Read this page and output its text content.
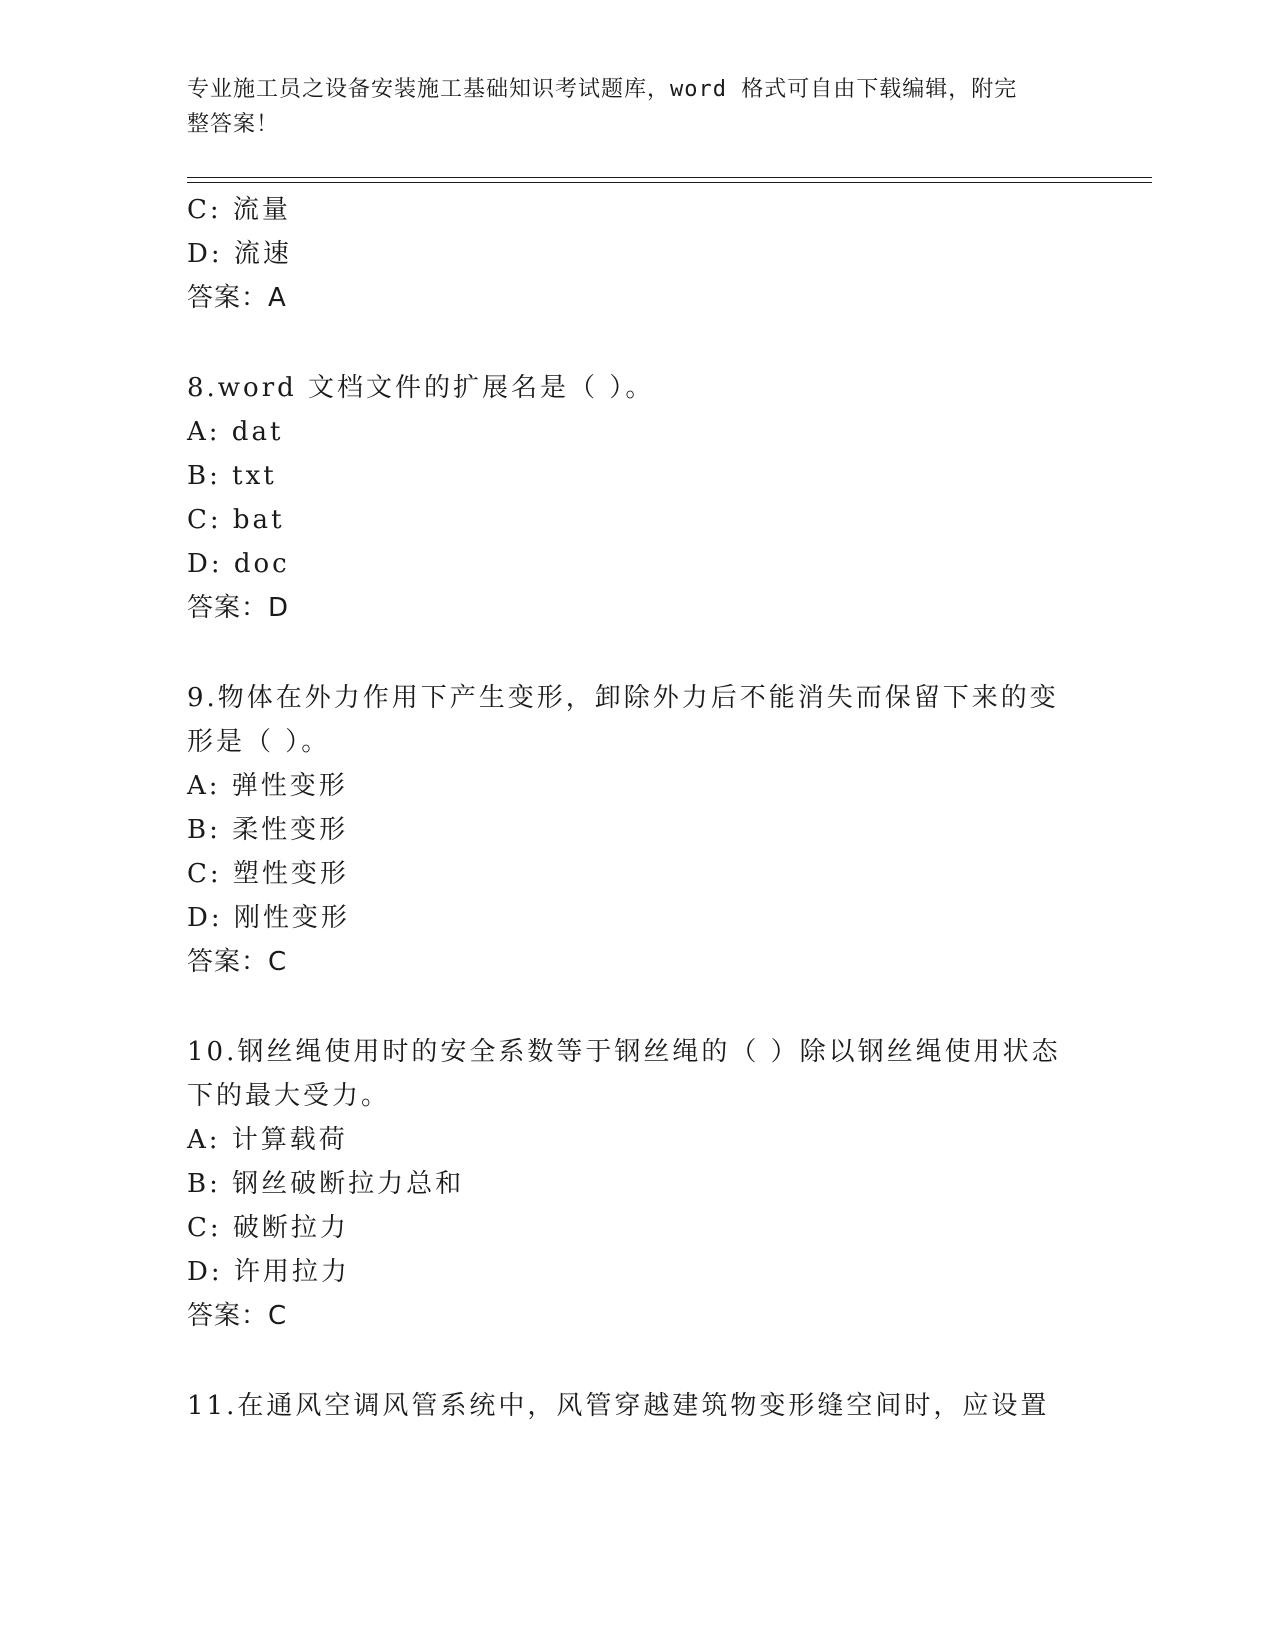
专业施工员之设备安装施工基础知识考试题库，word 格式可自由下载编辑，附完
整答案！
C: 流量
D: 流速
答案：A
8.word 文档文件的扩展名是（ ）。
A: dat
B: txt
C: bat
D: doc
答案：D
9.物体在外力作用下产生变形，卸除外力后不能消失而保留下来的变
形是（ ）。
A: 弹性变形
B: 柔性变形
C: 塑性变形
D: 刚性变形
答案：C
10.钢丝绳使用时的安全系数等于钢丝绳的（ ）除以钢丝绳使用状态
下的最大受力。
A: 计算载荷
B: 钢丝破断拉力总和
C: 破断拉力
D: 许用拉力
答案：C
11.在通风空调风管系统中，风管穿越建筑物变形缝空间时，应设置
